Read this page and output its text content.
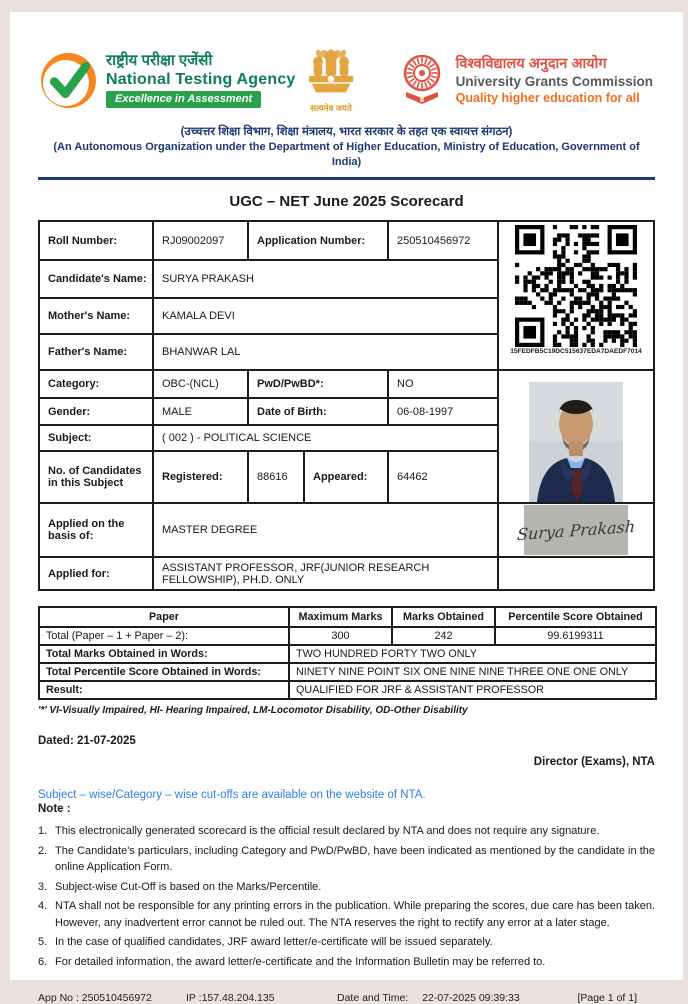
राष्ट्रीय परीक्षा एजेंसी
National Testing Agency
Excellence in Assessment
सत्यमेव जयते
विश्वविद्यालय अनुदान आयोग
University Grants Commission
Quality higher education for all
(उच्चत्तर शिक्षा विभाग, शिक्षा मंत्रालय, भारत सरकार के तहत एक स्वायत्त संगठन)
(An Autonomous Organization under the Department of Higher Education, Ministry of Education, Government of India)
UGC – NET June 2025 Scorecard
Roll Number:	RJ09002097	Application Number:		250510456972
Candidate's Name:	SURYA PRAKASH			
Mother's Name:	KAMALA DEVI			
Father's Name:	BHANWAR LAL			
Category:	OBC-(NCL)	PwD/PwBD*:		NO
Gender:	MALE	Date of Birth:		06-08-1997
Subject:	( 002 ) - POLITICAL SCIENCE			
No. of Candidates in this Subject	Registered:	88616	Appeared:	64462
Applied on the basis of:	MASTER DEGREE			
Applied for:	ASSISTANT PROFESSOR, JRF(JUNIOR RESEARCH FELLOWSHIP), PH.D. ONLY			
15FEDFB5C19DC515637EDA7DAEDF7014
Surya Prakash
Paper	Maximum Marks	Marks Obtained	Percentile Score Obtained
Total (Paper – 1 + Paper – 2):	300	242	99.6199311
Total Marks Obtained in Words:	TWO HUNDRED FORTY TWO ONLY		
Total Percentile Score Obtained in Words:	NINETY NINE POINT SIX ONE NINE NINE THREE ONE ONE ONLY		
Result:	QUALIFIED FOR JRF & ASSISTANT PROFESSOR		
'*' VI-Visually Impaired, HI- Hearing Impaired, LM-Locomotor Disability, OD-Other Disability
Dated: 21-07-2025
Director (Exams), NTA
Subject – wise/Category – wise cut-offs are available on the website of NTA.
Note :
This electronically generated scorecard is the official result declared by NTA and does not require any signature.
The Candidate's particulars, including Category and PwD/PwBD, have been indicated as mentioned by the candidate in the online Application Form.
Subject-wise Cut-Off is based on the Marks/Percentile.
NTA shall not be responsible for any printing errors in the publication. While preparing the scores, due care has been taken. However, any inadvertent error cannot be ruled out. The NTA reserves the right to rectify any error at a later stage.
In the case of qualified candidates, JRF award letter/e-certificate will be issued separately.
For detailed information, the award letter/e-certificate and the Information Bulletin may be referred to.
App No : 250510456972	IP :157.48.204.135	Date and Time: 22-07-2025 09:39:33	[Page 1 of 1]
